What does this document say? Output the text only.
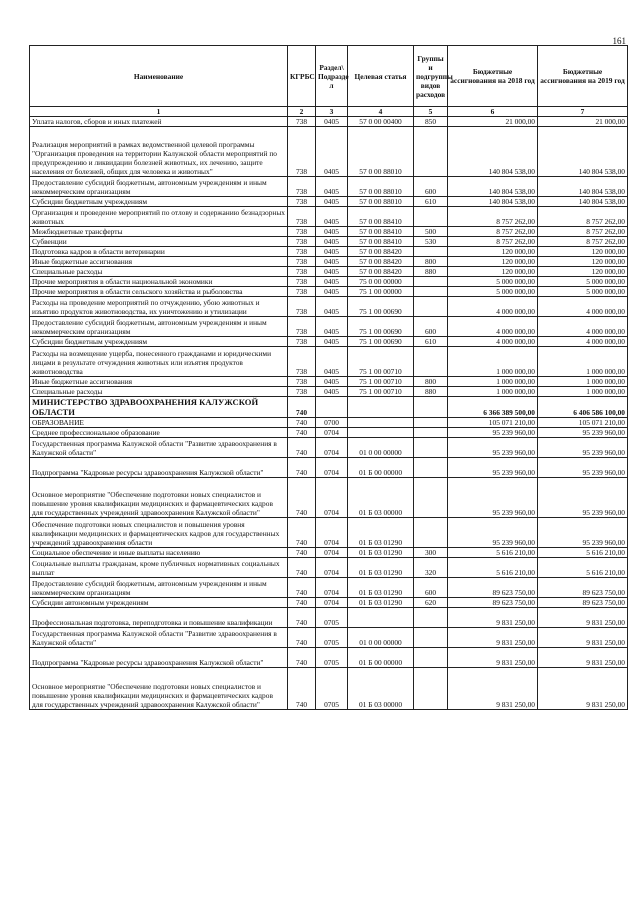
161
Наименование	КГРБС	Раздел\ Подразде л	Целевая статья	Группы и подгруппы видов расходов	Бюджетные ассигнования на 2018 год	Бюджетные ассигнования на 2019 год
1	2	3	4	5	6	7
Уплата налогов, сборов и иных платежей	738	0405	57 0 00 00400	850	21 000,00	21 000,00
Реализация мероприятий в рамках ведомственной целевой программы "Организация проведения на территории Калужской области мероприятий по предупреждению и ликвидации болезней животных, их лечению, защите населения от болезней, общих для человека и животных"	738	0405	57 0 00 88010		140 804 538,00	140 804 538,00
Предоставление субсидий бюджетным, автономным учреждениям и иным некоммерческим организациям	738	0405	57 0 00 88010	600	140 804 538,00	140 804 538,00
Субсидии бюджетным учреждениям	738	0405	57 0 00 88010	610	140 804 538,00	140 804 538,00
Организация и проведение мероприятий по отлову и содержанию безнадзорных животных	738	0405	57 0 00 88410		8 757 262,00	8 757 262,00
Межбюджетные трансферты	738	0405	57 0 00 88410	500	8 757 262,00	8 757 262,00
Субвенции	738	0405	57 0 00 88410	530	8 757 262,00	8 757 262,00
Подготовка кадров в области ветеринарии	738	0405	57 0 00 88420		120 000,00	120 000,00
Иные бюджетные ассигнования	738	0405	57 0 00 88420	800	120 000,00	120 000,00
Специальные расходы	738	0405	57 0 00 88420	880	120 000,00	120 000,00
Прочие мероприятия в области национальной экономики	738	0405	75 0 00 00000		5 000 000,00	5 000 000,00
Прочие мероприятия в области сельского хозяйства и рыболовства	738	0405	75 1 00 00000		5 000 000,00	5 000 000,00
Расходы на проведение мероприятий по отчуждению, убою животных и изъятию продуктов животноводства, их уничтожению и утилизации	738	0405	75 1 00 00690		4 000 000,00	4 000 000,00
Предоставление субсидий бюджетным, автономным учреждениям и иным некоммерческим организациям	738	0405	75 1 00 00690	600	4 000 000,00	4 000 000,00
Субсидии бюджетным учреждениям	738	0405	75 1 00 00690	610	4 000 000,00	4 000 000,00
Расходы на возмещение ущерба, понесенного гражданами и юридическими лицами в результате отчуждения животных или изъятия продуктов животноводства	738	0405	75 1 00 00710		1 000 000,00	1 000 000,00
Иные бюджетные ассигнования	738	0405	75 1 00 00710	800	1 000 000,00	1 000 000,00
Специальные расходы	738	0405	75 1 00 00710	880	1 000 000,00	1 000 000,00
МИНИСТЕРСТВО ЗДРАВООХРАНЕНИЯ КАЛУЖСКОЙ ОБЛАСТИ	740				6 366 389 500,00	6 406 586 100,00
ОБРАЗОВАНИЕ	740	0700			105 071 210,00	105 071 210,00
Среднее профессиональное образование	740	0704			95 239 960,00	95 239 960,00
Государственная программа Калужской области "Развитие здравоохранения в Калужской области"	740	0704	01 0 00 00000		95 239 960,00	95 239 960,00
Подпрограмма "Кадровые ресурсы здравоохранения Калужской области"	740	0704	01 Б 00 00000		95 239 960,00	95 239 960,00
Основное мероприятие "Обеспечение подготовки новых специалистов и повышение уровня квалификации медицинских и фармацевтических кадров для государственных учреждений здравоохранения Калужской области"	740	0704	01 Б 03 00000		95 239 960,00	95 239 960,00
Обеспечение подготовки новых специалистов и повышения уровня квалификации медицинских и фармацевтических кадров для государственных учреждений здравоохранения области	740	0704	01 Б 03 01290		95 239 960,00	95 239 960,00
Социальное обеспечение и иные выплаты населению	740	0704	01 Б 03 01290	300	5 616 210,00	5 616 210,00
Социальные выплаты гражданам, кроме публичных нормативных социальных выплат	740	0704	01 Б 03 01290	320	5 616 210,00	5 616 210,00
Предоставление субсидий бюджетным, автономным учреждениям и иным некоммерческим организациям	740	0704	01 Б 03 01290	600	89 623 750,00	89 623 750,00
Субсидии автономным учреждениям	740	0704	01 Б 03 01290	620	89 623 750,00	89 623 750,00
Профессиональная подготовка, переподготовка и повышение квалификации	740	0705			9 831 250,00	9 831 250,00
Государственная программа Калужской области "Развитие здравоохранения в Калужской области"	740	0705	01 0 00 00000		9 831 250,00	9 831 250,00
Подпрограмма "Кадровые ресурсы здравоохранения Калужской области"	740	0705	01 Б 00 00000		9 831 250,00	9 831 250,00
Основное мероприятие "Обеспечение подготовки новых специалистов и повышение уровня квалификации медицинских и фармацевтических кадров для государственных учреждений здравоохранения Калужской области"	740	0705	01 Б 03 00000		9 831 250,00	9 831 250,00
